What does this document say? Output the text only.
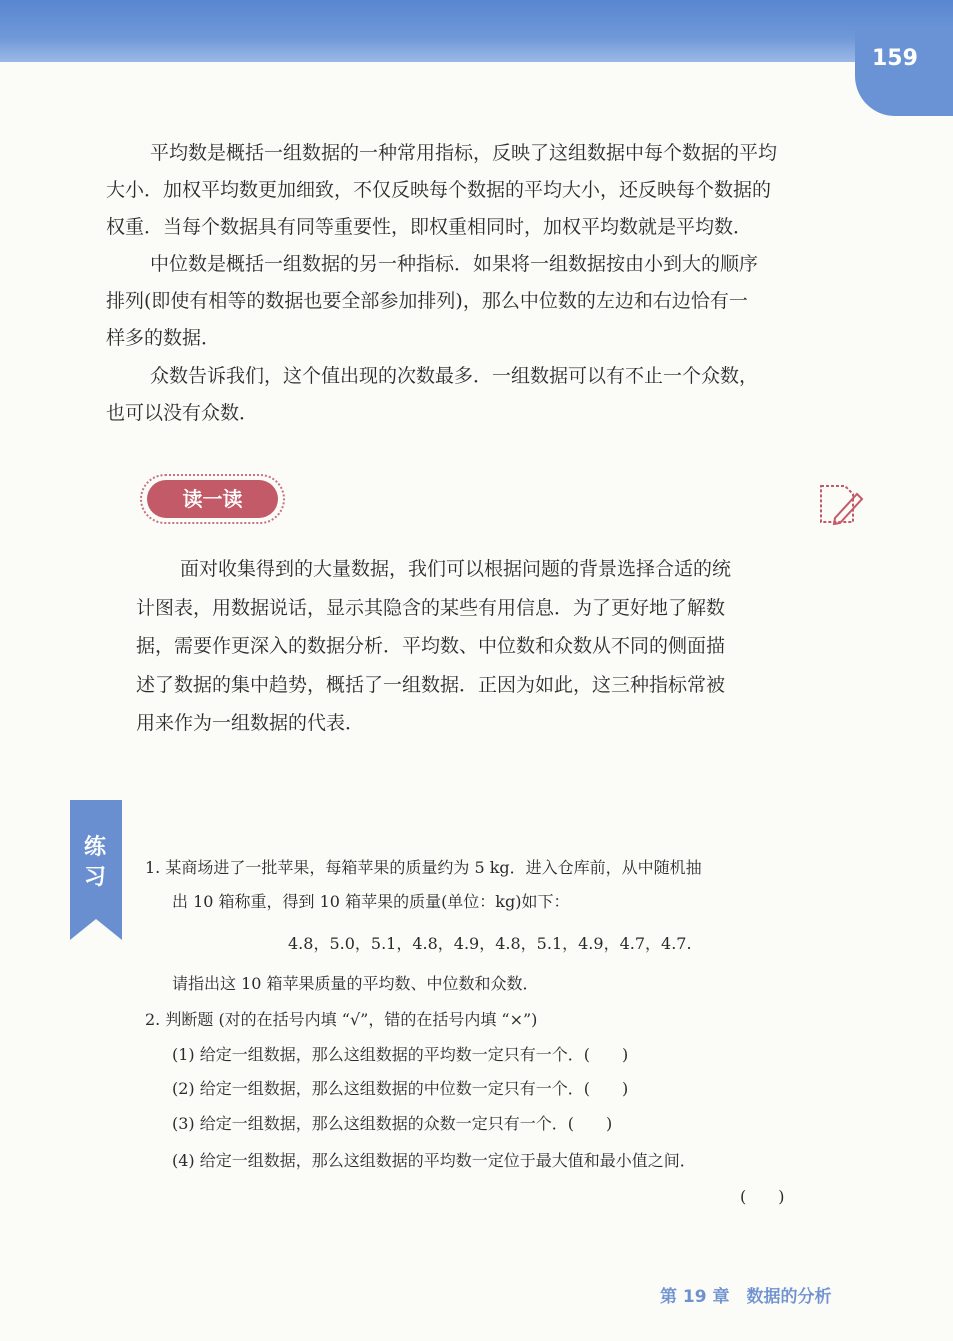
159
平均数是概括一组数据的一种常用指标，反映了这组数据中每个数据的平均
大小．加权平均数更加细致，不仅反映每个数据的平均大小，还反映每个数据的
权重．当每个数据具有同等重要性，即权重相同时，加权平均数就是平均数．
中位数是概括一组数据的另一种指标．如果将一组数据按由小到大的顺序
排列(即使有相等的数据也要全部参加排列)，那么中位数的左边和右边恰有一
样多的数据．
众数告诉我们，这个值出现的次数最多．一组数据可以有不止一个众数，
也可以没有众数．
读一读
面对收集得到的大量数据，我们可以根据问题的背景选择合适的统
计图表，用数据说话，显示其隐含的某些有用信息．为了更好地了解数
据，需要作更深入的数据分析．平均数、中位数和众数从不同的侧面描
述了数据的集中趋势，概括了一组数据．正因为如此，这三种指标常被
用来作为一组数据的代表．
练习 1. 某商场进了一批苹果，每箱苹果的质量约为 5 kg．进入仓库前，从中随机抽
出 10 箱称重，得到 10 箱苹果的质量(单位：kg)如下：
4.8，5.0，5.1，4.8，4.9，4.8，5.1，4.9，4.7，4.7.
请指出这 10 箱苹果质量的平均数、中位数和众数．
2. 判断题 (对的在括号内填 “√”，错的在括号内填 “×”)
(1) 给定一组数据，那么这组数据的平均数一定只有一个．(　　)
(2) 给定一组数据，那么这组数据的中位数一定只有一个．(　　)
(3) 给定一组数据，那么这组数据的众数一定只有一个．(　　)
(4) 给定一组数据，那么这组数据的平均数一定位于最大值和最小值之间．
(　　)
第 19 章　数据的分析
